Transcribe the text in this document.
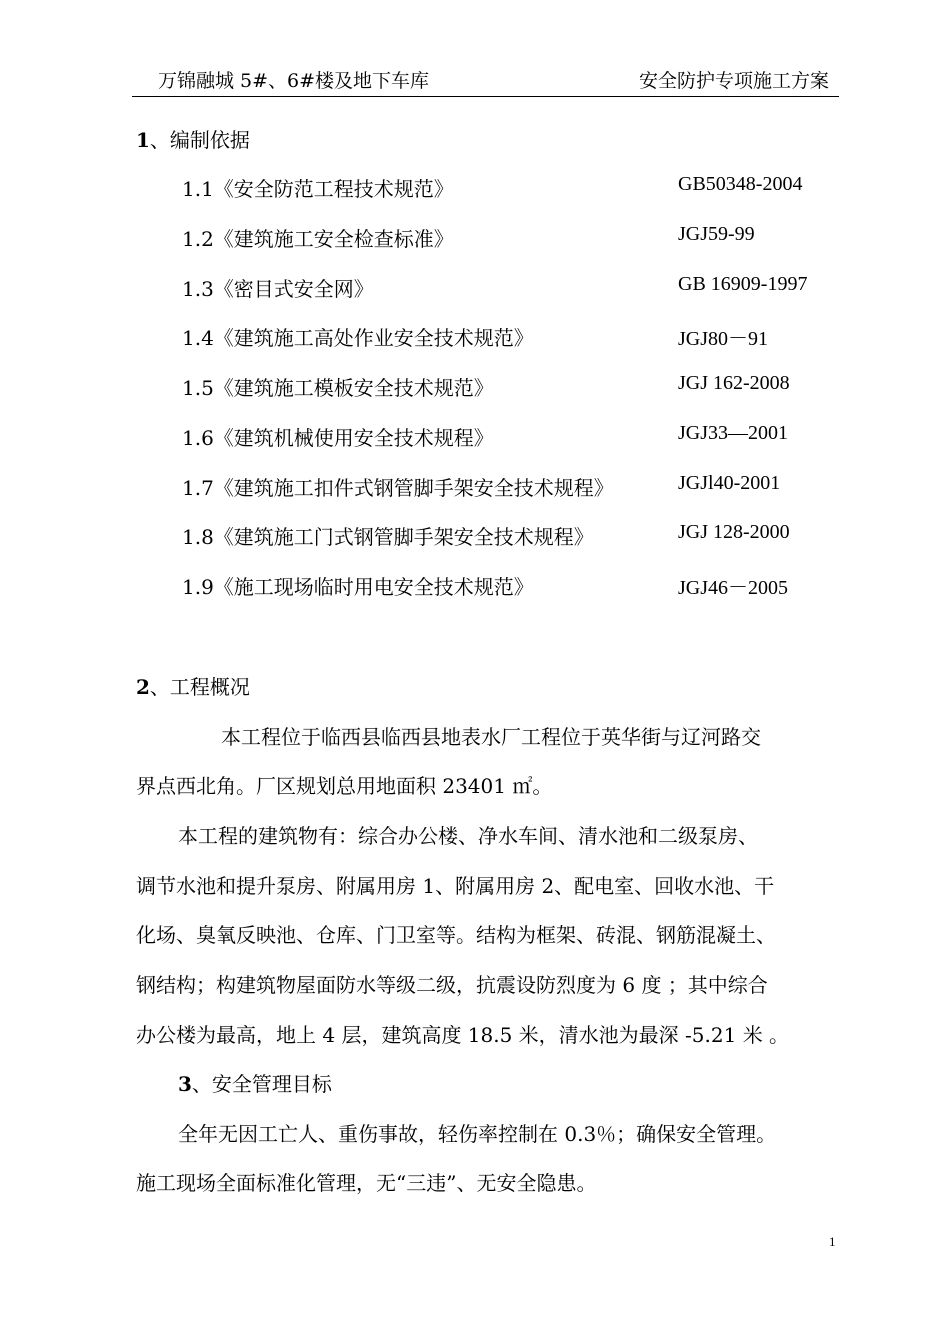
万锦融城 5#、6#楼及地下车库	安全防护专项施工方案
1、编制依据
1.1《安全防范工程技术规范》	GB50348-2004
1.2《建筑施工安全检查标准》	JGJ59-99
1.3《密目式安全网》	GB 16909-1997
1.4《建筑施工高处作业安全技术规范》	JGJ80－91
1.5《建筑施工模板安全技术规范》	JGJ 162-2008
1.6《建筑机械使用安全技术规程》	JGJ33—2001
1.7《建筑施工扣件式钢管脚手架安全技术规程》	JGJl40-2001
1.8《建筑施工门式钢管脚手架安全技术规程》	JGJ 128-2000
1.9《施工现场临时用电安全技术规范》	JGJ46－2005
2、工程概况
本工程位于临西县临西县地表水厂工程位于英华街与辽河路交
界点西北角。厂区规划总用地面积 23401 ㎡。
本工程的建筑物有：综合办公楼、净水车间、清水池和二级泵房、
调节水池和提升泵房、附属用房 1、附属用房 2、配电室、回收水池、干
化场、臭氧反映池、仓库、门卫室等。结构为框架、砖混、钢筋混凝土、
钢结构；构建筑物屋面防水等级二级，抗震设防烈度为 6 度 ；其中综合
办公楼为最高，地上 4 层，建筑高度 18.5 米，清水池为最深 -5.21 米 。
3、安全管理目标
全年无因工亡人、重伤事故，轻伤率控制在 0.3％；确保安全管理。
施工现场全面标准化管理，无“三违”、无安全隐患。
1
